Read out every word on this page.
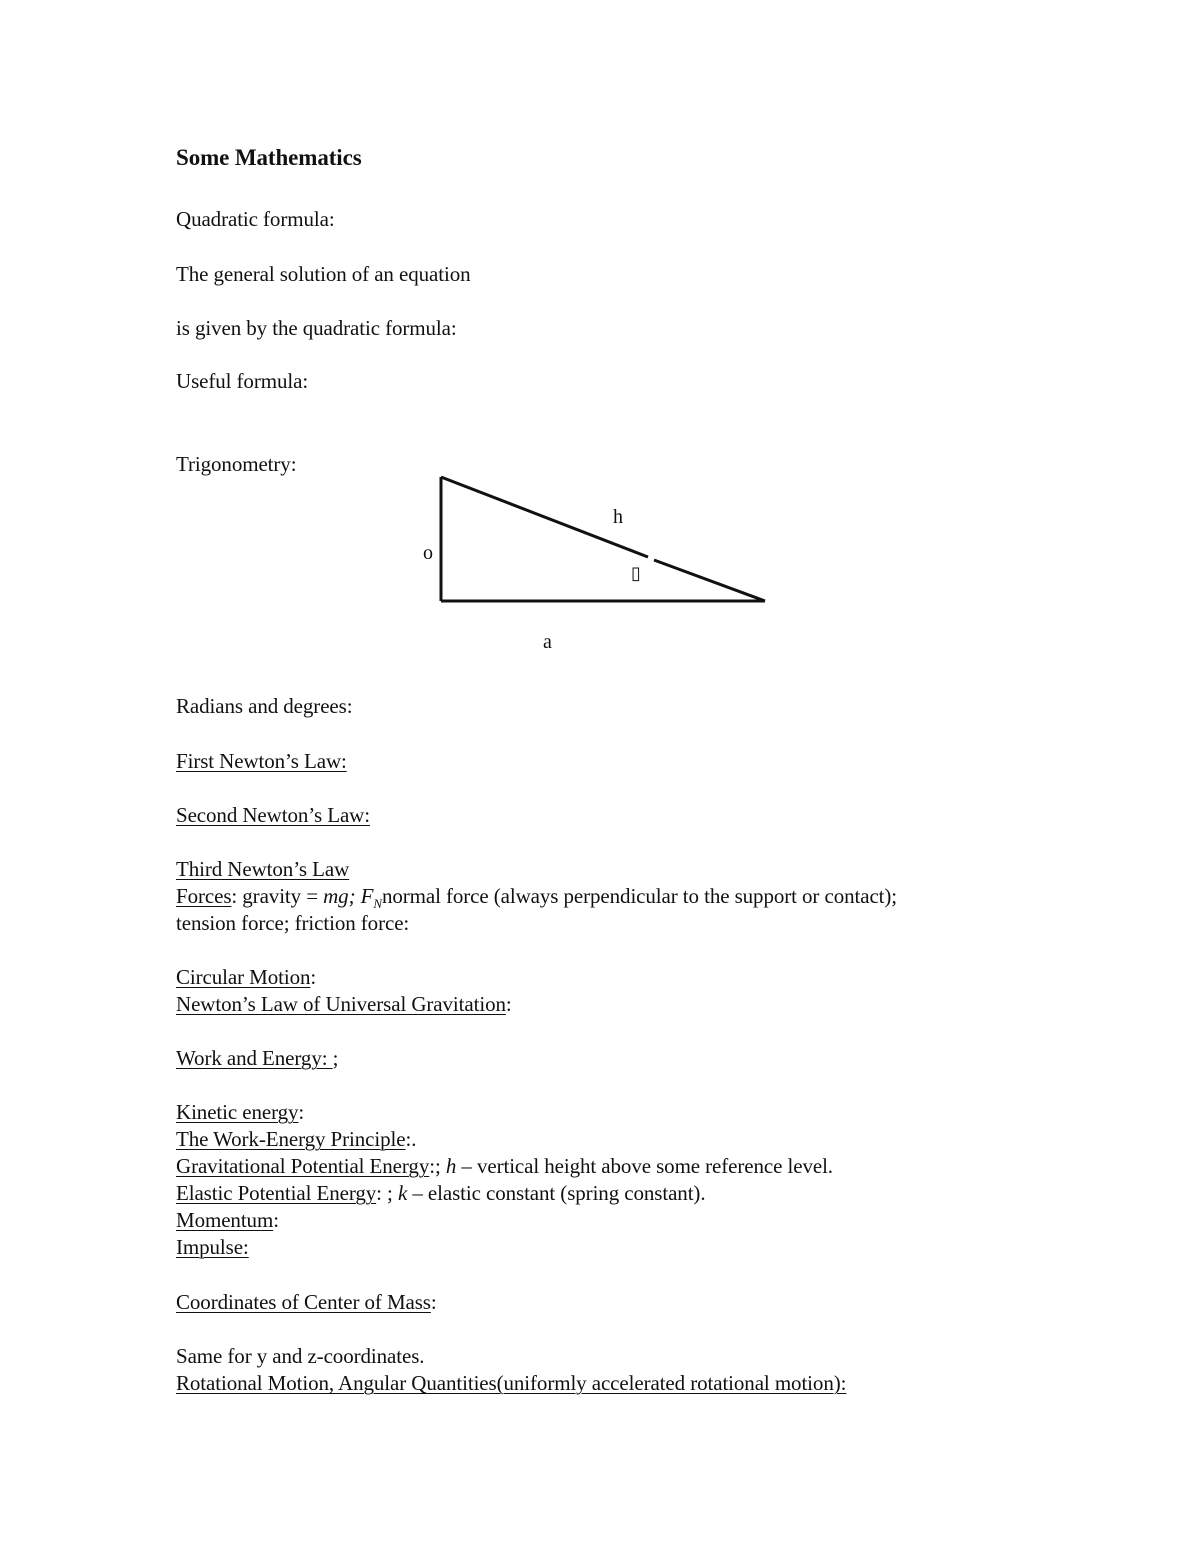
Some Mathematics
Quadratic formula:
The general solution of an equation
is given by the quadratic formula:
Useful formula:
Trigonometry:
h
o
a
▯
Radians and degrees:
First Newton’s Law:
Second Newton’s Law:
Third Newton’s Law
Forces: gravity = mg; $F_Nnormal$ force (always perpendicular to the support or contact);
tension force; friction force:
Circular Motion:
Newton’s Law of Universal Gravitation:
Work and Energy: ;
Kinetic energy:
The Work-Energy Principle:.
Gravitational Potential Energy:; h – vertical height above some reference level.
Elastic Potential Energy: ; k – elastic constant (spring constant).
Momentum:
Impulse:
Coordinates of Center of Mass:
Same for y and z-coordinates.
Rotational Motion, Angular Quantities(uniformly accelerated rotational motion):
